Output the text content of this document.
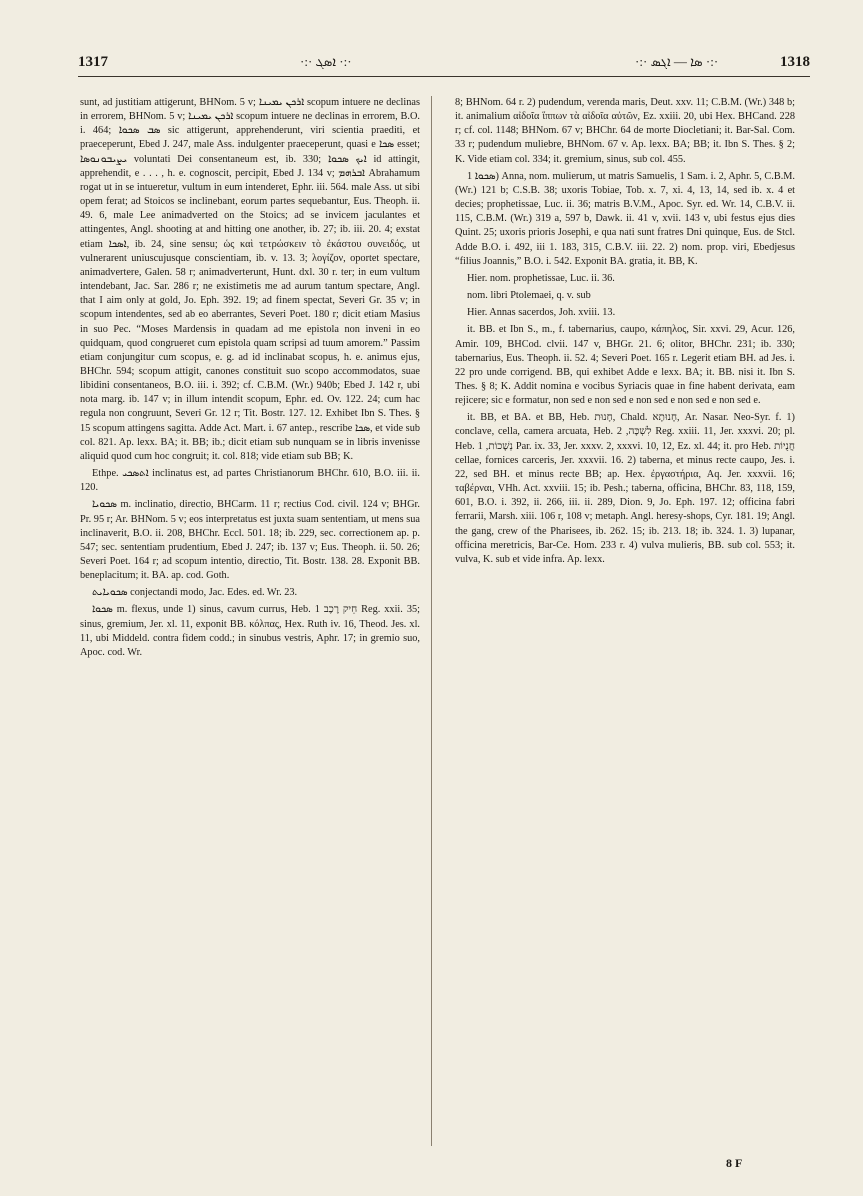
1317	·:· ܐܣܓ ·:·	·:· ܣܐ — ܐܓܣ ·:·	1318

sunt, ad justitiam attigerunt, BHNom. 5 v; ܐܪܟܢ ܝܡܝܢܐ scopum intuere ne declinas in errorem, BHNom. 5 v; ܐܪܟܢ ܝܡܝܢܐ scopum intuere ne declinas in errorem, B.O. i. 464; ܣܒ ܣܟܘܐ sic attigerunt, apprehenderunt, viri scientia praediti, et praeceperunt, Ebed J. 247, male Ass. indulgenter praeceperunt, quasi e ܣܟܐ esset; ܝܨܝܒܘܢܘܣܐ voluntati Dei consentaneum est, ib. 330; ܐܝܟ ܣܟܘܐ id attingit, apprehendit, e . . . , h. e. cognoscit, percipit, Ebed J. 134 v; ܐܒܪܗܡ Abrahamum rogat ut in se intueretur, vultum in eum intenderet, Ephr. iii. 564. male Ass. ut sibi opem ferat; ad Stoicos se inclinebant, eorum partes sequebantur, Eus. Theoph. ii. 49. 6, male Lee animadverted on the Stoics; ad se invicem jaculantes et attingentes, Angl. shooting at and hitting one another, ib. 27; ib. iii. 20. 4; exstat etiam ܐܣܟܐ, ib. 24, sine sensu; ὡς καὶ τετρώσκειν τὸ ἐκάστου συνειδός, ut vulnerarent uniuscujusque conscientiam, ib. v. 13. 3; λογίζον, oportet spectare, animadvertere, Galen. 58 r; animadverterunt, Hunt. dxl. 30 r. ter; in eum vultum intendebant, Jac. Sar. 286 r; ne existimetis me ad aurum tantum spectare, Angl. that I aim only at gold, Jo. Eph. 392. 19; ad finem spectat, Severi Gr. 35 v; in scopum intendentes, sed ab eo aberrantes, Severi Poet. 180 r; dicit etiam Masius in suo Pec. “Moses Mardensis in quadam ad me epistola non inveni in eo quidquam, quod congrueret cum epistola quam scripsi ad tuum amorem.” Passim etiam conjungitur cum scopus, e. g. ad id inclinabat scopus, h. e. animus ejus, BHChr. 594; scopum attigit, canones constituit suo scopo accommodatos, suae libidini consentaneos, B.O. iii. i. 392; cf. C.B.M. (Wr.) 940b; Ebed J. 142 r, ubi nota marg. ib. 147 v; in illum intendit scopum, Ephr. ed. Ov. 122. 24; cum hac regula non congruunt, Severi Gr. 12 r; Tit. Bostr. 127. 12. Exhibet Ibn S. Thes. § 15 scopum attingens sagitta. Adde Act. Mart. i. 67 antep., rescribe ܣܟܐ, et vide sub col. 821. Ap. lexx. BA; it. BB; ib.; dicit etiam sub nunquam se in libris invenisse aliquid quod cum hoc congruit; it. col. 818; vide etiam sub BB; K.

Ethpe. ܐܬܣܟܝ inclinatus est, ad partes Christianorum BHChr. 610, B.O. iii. ii. 120.

ܣܟܘܝܐ m. inclinatio, directio, BHCarm. 11 r; rectius Cod. civil. 124 v; BHGr. Pr. 95 r; Ar. BHNom. 5 v; eos interpretatus est juxta suam sententiam, ut mens sua inclinaverit, B.O. ii. 208, BHChr. Eccl. 501. 18; ib. 229, sec. correctionem ap. p. 547; sec. sententiam prudentium, Ebed J. 247; ib. 137 v; Eus. Theoph. ii. 50. 26; Severi Poet. 164 r; ad scopum intentio, directio, Tit. Bostr. 138. 28. Exponit BB. beneplacitum; it. BA. ap. cod. Goth.

ܣܟܘܝܐܝܬ conjectandi modo, Jac. Edes. ed. Wr. 23.

ܣܟܘܐ m. flexus, unde 1) sinus, cavum currus, Heb. חֵיק רֶכֶב 1 Reg. xxii. 35; sinus, gremium, Jer. xl. 11, exponit BB. κόλπας, Hex. Ruth iv. 16, Theod. Jes. xl. 11, ubi Middeld. contra fidem codd.; in sinubus vestris, Aphr. 17; in gremio suo, Apoc. cod. Wr.

8; BHNom. 64 r. 2) pudendum, verenda maris, Deut. xxv. 11; C.B.M. (Wr.) 348 b; it. animalium αἰδοῖα ἵππων τὰ αἰδοῖα αὐτῶν, Ez. xxiii. 20, ubi Hex. BHCand. 228 r; cf. col. 1148; BHNom. 67 v; BHChr. 64 de morte Diocletiani; it. Bar-Sal. Com. 33 r; pudendum muliebre, BHNom. 67 v. Ap. lexx. BA; BB; it. Ibn S. Thes. § 2; K. Vide etiam col. 334; it. gremium, sinus, sub col. 455.

ܣܟܘܐ 1) Anna, nom. mulierum, ut matris Samuelis, 1 Sam. i. 2, Aphr. 5, C.B.M. (Wr.) 121 b; C.S.B. 38; uxoris Tobiae, Tob. x. 7, xi. 4, 13, 14, sed ib. x. 4 et decies; prophetissae, Luc. ii. 36; matris B.V.M., Apoc. Syr. ed. Wr. 14, C.B.V. ii. 115, C.B.M. (Wr.) 319 a, 597 b, Dawk. ii. 41 v, xvii. 143 v, ubi festus ejus dies Quint. 25; uxoris prioris Josephi, e qua nati sunt fratres Dni quinque, Eus. de Stcl. Adde B.O. i. 492, iii 1. 183, 315, C.B.V. iii. 22. 2) nom. prop. viri, Ebedjesus “filius Joannis,” B.O. i. 542. Exponit BA. gratia, it. BB, K.

Hier. nom. prophetissae, Luc. ii. 36.

nom. libri Ptolemaei, q. v. sub

Hier. Annas sacerdos, Joh. xviii. 13.

it. BB. et Ibn S., m., f. tabernarius, caupo, κάπηλος, Sir. xxvi. 29, Acur. 126, Amir. 109, BHCod. clvii. 147 v, BHGr. 21. 6; olitor, BHChr. 231; ib. 330; tabernarius, Eus. Theoph. ii. 52. 4; Severi Poet. 165 r. Legerit etiam BH. ad Jes. i. 22 pro unde corrigend. BB, qui exhibet Adde e lexx. BA; it. BB. nisi it. Ibn S. Thes. § 8; K. Addit nomina e vocibus Syriacis quae in fine habent derivata, eam rejicere; sic e formatur, non sed e non sed e non sed e non sed e non sed e.

it. BB, et BA. et BB, Heb. חָנוּת, Chald. חָנוּתָא, Ar. Nasar. Neo-Syr. f. 1) conclave, cella, camera arcuata, Heb. לִשְׁכָּה, 2 Reg. xxiii. 11, Jer. xxxvi. 20; pl. Heb. נְשָׁכוֹת, 1 Par. ix. 33, Jer. xxxv. 2, xxxvi. 10, 12, Ez. xl. 44; it. pro Heb. חֲנֻיוֹת cellae, fornices carceris, Jer. xxxvii. 16. 2) taberna, et minus recte caupo, Jes. i. 22, sed BH. et minus recte BB; ap. Hex. ἐργαστήρια, Aq. Jer. xxxvii. 16; ταβέρναι, VHh. Act. xxviii. 15; ib. Pesh.; taberna, officina, BHChr. 83, 118, 159, 601, B.O. i. 392, ii. 266, iii. ii. 289, Dion. 9, Jo. Eph. 197. 12; officina fabri ferrarii, Marsh. xiii. 106 r, 108 v; metaph. Angl. heresy-shops, Cyr. 181. 19; Angl. the gang, crew of the Pharisees, ib. 262. 15; ib. 213. 18; ib. 324. 1. 3) lupanar, officina meretricis, Bar-Ce. Hom. 233 r. 4) vulva mulieris, BB. sub col. 553; it. vulva, K. sub et vide infra. Ap. lexx.

8 F
